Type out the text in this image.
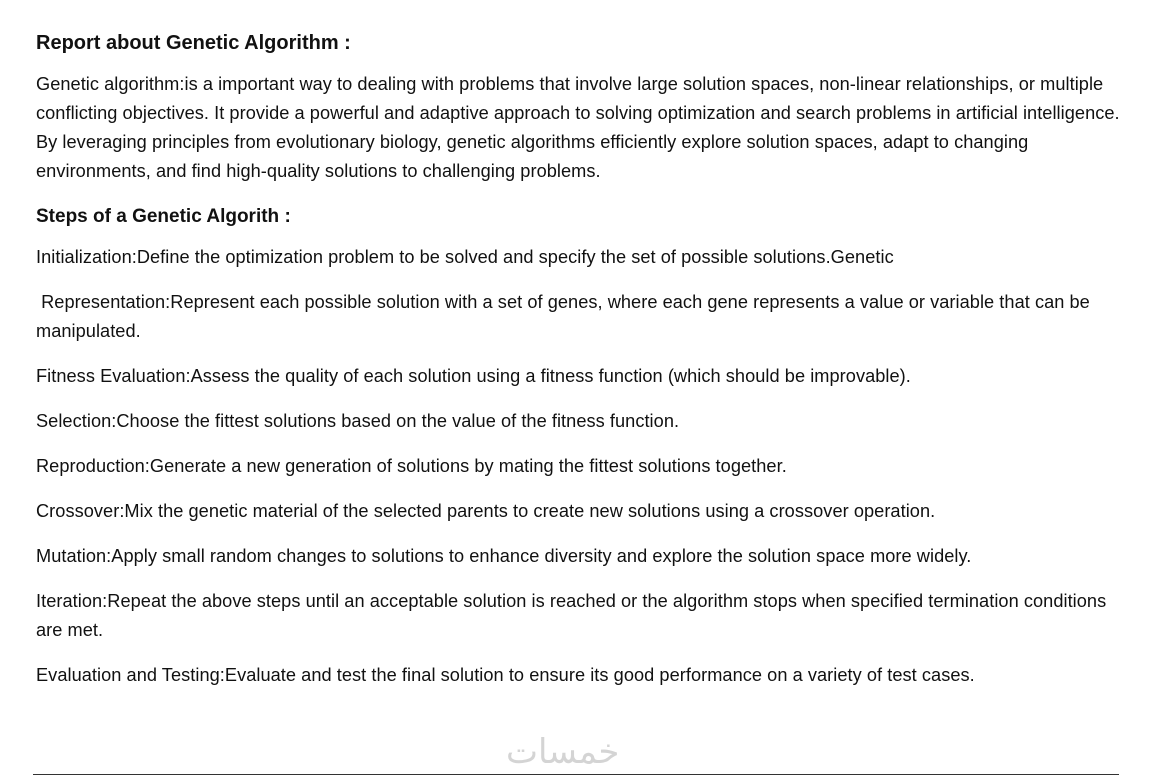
Report about Genetic Algorithm :

Genetic algorithm:is a important way to dealing with problems that involve large solution spaces, non-linear relationships, or multiple conflicting objectives. It provide a powerful and adaptive approach to solving optimization and search problems in artificial intelligence. By leveraging principles from evolutionary biology, genetic algorithms efficiently explore solution spaces, adapt to changing environments, and find high-quality solutions to challenging problems.

Steps of a Genetic Algorith :

Initialization:Define the optimization problem to be solved and specify the set of possible solutions.Genetic

Representation:Represent each possible solution with a set of genes, where each gene represents a value or variable that can be manipulated.

Fitness Evaluation:Assess the quality of each solution using a fitness function (which should be improvable).

Selection:Choose the fittest solutions based on the value of the fitness function.

Reproduction:Generate a new generation of solutions by mating the fittest solutions together.

Crossover:Mix the genetic material of the selected parents to create new solutions using a crossover operation.

Mutation:Apply small random changes to solutions to enhance diversity and explore the solution space more widely.

Iteration:Repeat the above steps until an acceptable solution is reached or the algorithm stops when specified termination conditions are met.

Evaluation and Testing:Evaluate and test the final solution to ensure its good performance on a variety of test cases.

خمسات
